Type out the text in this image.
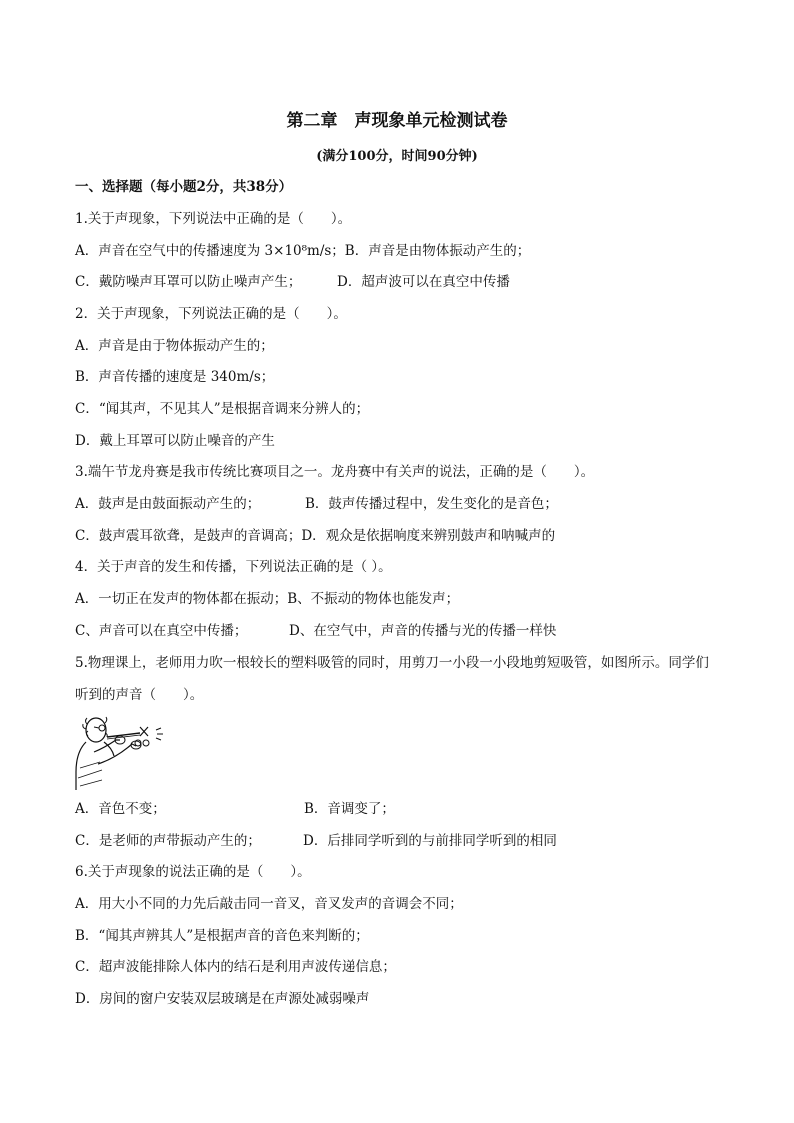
第二章　声现象单元检测试卷
(满分100分，时间90分钟)
一、选择题（每小题2分，共38分）
1.关于声现象，下列说法中正确的是（　　）。
A．声音在空气中的传播速度为 3×10⁸m/s；B．声音是由物体振动产生的；
C．戴防噪声耳罩可以防止噪声产生；	D．超声波可以在真空中传播
2．关于声现象，下列说法正确的是（　　）。
A．声音是由于物体振动产生的；
B．声音传播的速度是 340m/s；
C．“闻其声，不见其人”是根据音调来分辨人的；
D．戴上耳罩可以防止噪音的产生
3.端午节龙舟赛是我市传统比赛项目之一。龙舟赛中有关声的说法，正确的是（　　）。
A．鼓声是由鼓面振动产生的；	B．鼓声传播过程中，发生变化的是音色；
C．鼓声震耳欲聋，是鼓声的音调高；D．观众是依据响度来辨别鼓声和呐喊声的
4．关于声音的发生和传播，下列说法正确的是（ ）。
A．一切正在发声的物体都在振动；B、不振动的物体也能发声；
C、声音可以在真空中传播；	D、在空气中，声音的传播与光的传播一样快
5.物理课上，老师用力吹一根较长的塑料吸管的同时，用剪刀一小段一小段地剪短吸管，如图所示。同学们
听到的声音（　　）。
A．音色不变；	B．音调变了；
C．是老师的声带振动产生的；	D．后排同学听到的与前排同学听到的相同
6.关于声现象的说法正确的是（　　）。
A．用大小不同的力先后敲击同一音叉，音叉发声的音调会不同；
B．“闻其声辨其人”是根据声音的音色来判断的；
C．超声波能排除人体内的结石是利用声波传递信息；
D．房间的窗户安装双层玻璃是在声源处减弱噪声
